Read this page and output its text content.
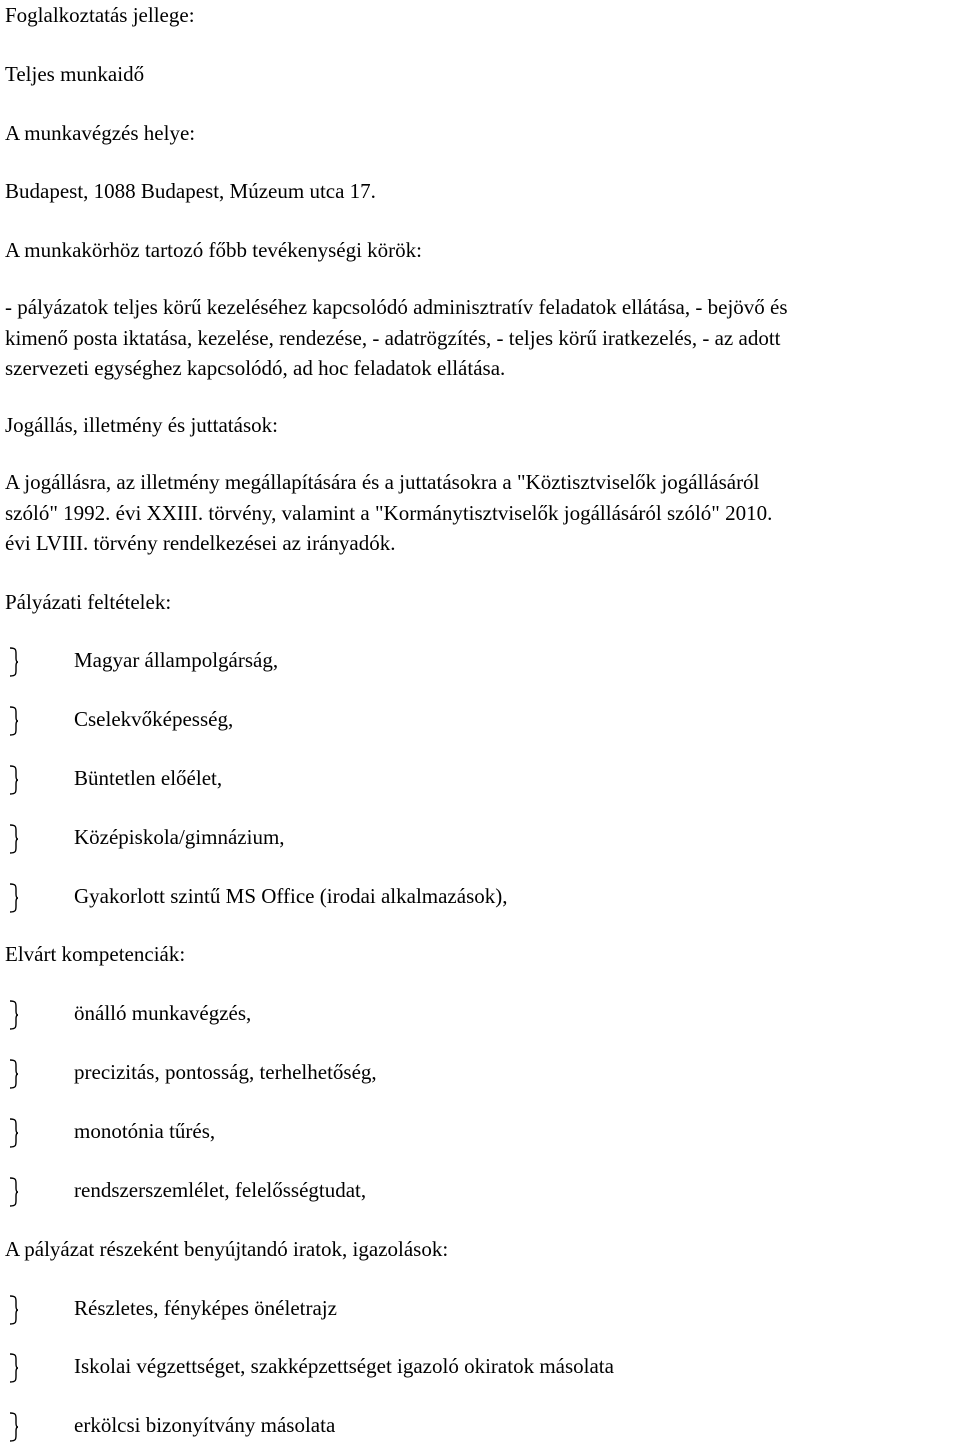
Foglalkoztatás jellege:
Teljes munkaidő
A munkavégzés helye:
Budapest, 1088 Budapest, Múzeum utca 17.
A munkakörhöz tartozó főbb tevékenységi körök:
- pályázatok teljes körű kezeléséhez kapcsolódó adminisztratív feladatok ellátása, - bejövő és
kimenő posta iktatása, kezelése, rendezése, - adatrögzítés, - teljes körű iratkezelés, - az adott
szervezeti egységhez kapcsolódó, ad hoc feladatok ellátása.
Jogállás, illetmény és juttatások:
A jogállásra, az illetmény megállapítására és a juttatásokra a "Köztisztviselők jogállásáról
szóló" 1992. évi XXIII. törvény, valamint a "Kormánytisztviselők jogállásáról szóló" 2010.
évi LVIII. törvény rendelkezései az irányadók.
Pályázati feltételek:
Magyar állampolgárság,
Cselekvőképesség,
Büntetlen előélet,
Középiskola/gimnázium,
Gyakorlott szintű MS Office (irodai alkalmazások),
Elvárt kompetenciák:
önálló munkavégzés,
precizitás, pontosság, terhelhetőség,
monotónia tűrés,
rendszerszemlélet, felelősségtudat,
A pályázat részeként benyújtandó iratok, igazolások:
Részletes, fényképes önéletrajz
Iskolai végzettséget, szakképzettséget igazoló okiratok másolata
erkölcsi bizonyítvány másolata
